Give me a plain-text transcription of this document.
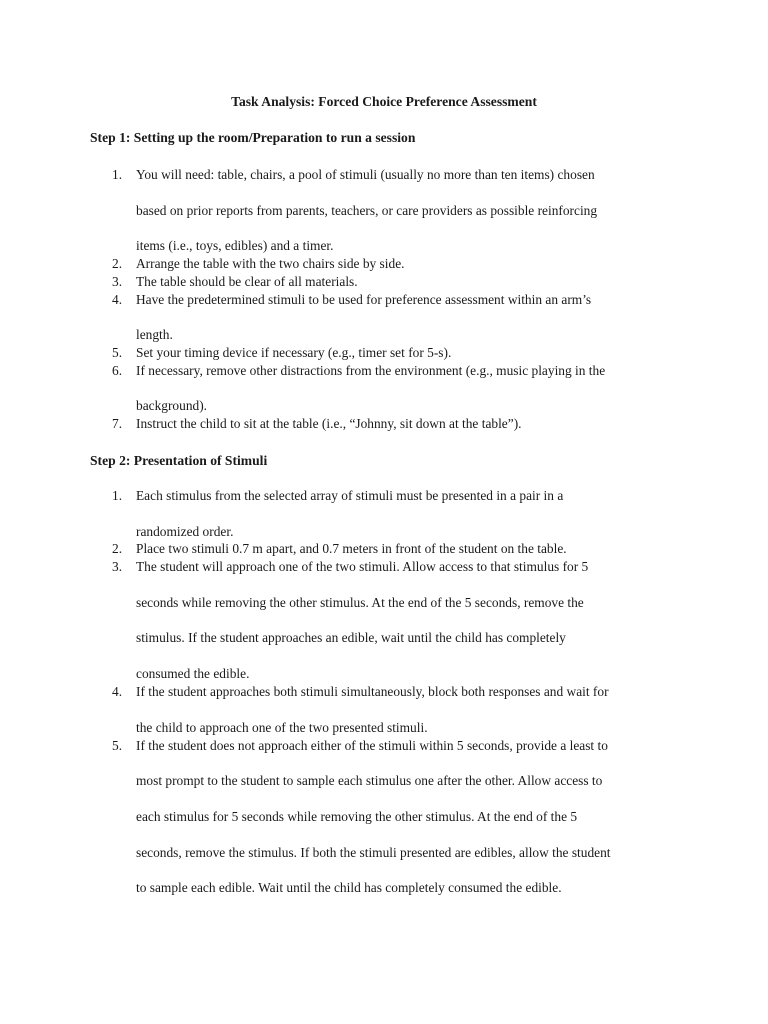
Task Analysis: Forced Choice Preference Assessment
Step 1: Setting up the room/Preparation to run a session
1. You will need: table, chairs, a pool of stimuli (usually no more than ten items) chosen
based on prior reports from parents, teachers, or care providers as possible reinforcing
items (i.e., toys, edibles) and a timer.
2. Arrange the table with the two chairs side by side.
3. The table should be clear of all materials.
4. Have the predetermined stimuli to be used for preference assessment within an arm’s
length.
5. Set your timing device if necessary (e.g., timer set for 5-s).
6. If necessary, remove other distractions from the environment (e.g., music playing in the
background).
7. Instruct the child to sit at the table (i.e., “Johnny, sit down at the table”).
Step 2: Presentation of Stimuli
1. Each stimulus from the selected array of stimuli must be presented in a pair in a
randomized order.
2. Place two stimuli 0.7 m apart, and 0.7 meters in front of the student on the table.
3. The student will approach one of the two stimuli. Allow access to that stimulus for 5
seconds while removing the other stimulus. At the end of the 5 seconds, remove the
stimulus. If the student approaches an edible, wait until the child has completely
consumed the edible.
4. If the student approaches both stimuli simultaneously, block both responses and wait for
the child to approach one of the two presented stimuli.
5. If the student does not approach either of the stimuli within 5 seconds, provide a least to
most prompt to the student to sample each stimulus one after the other. Allow access to
each stimulus for 5 seconds while removing the other stimulus. At the end of the 5
seconds, remove the stimulus. If both the stimuli presented are edibles, allow the student
to sample each edible. Wait until the child has completely consumed the edible.
